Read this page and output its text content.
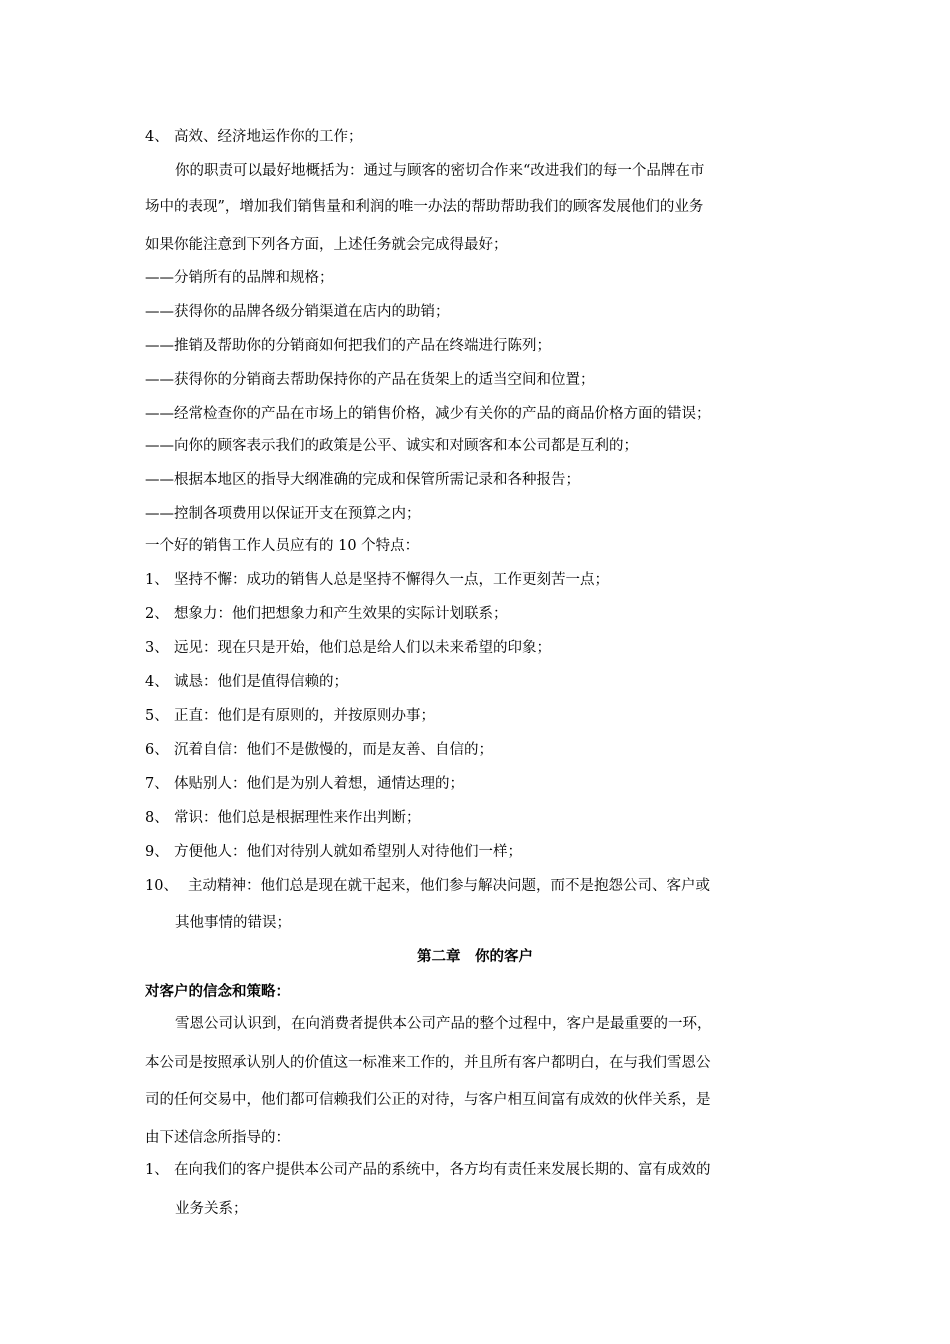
4、 高效、经济地运作你的工作；
你的职责可以最好地概括为：通过与顾客的密切合作来“改进我们的每一个品牌在市
场中的表现”，增加我们销售量和利润的唯一办法的帮助帮助我们的顾客发展他们的业务
如果你能注意到下列各方面，上述任务就会完成得最好；
——分销所有的品牌和规格；
——获得你的品牌各级分销渠道在店内的助销；
——推销及帮助你的分销商如何把我们的产品在终端进行陈列；
——获得你的分销商去帮助保持你的产品在货架上的适当空间和位置；
——经常检查你的产品在市场上的销售价格，减少有关你的产品的商品价格方面的错误；
——向你的顾客表示我们的政策是公平、诚实和对顾客和本公司都是互利的；
——根据本地区的指导大纲准确的完成和保管所需记录和各种报告；
——控制各项费用以保证开支在预算之内；
一个好的销售工作人员应有的 10 个特点：
1、 坚持不懈：成功的销售人总是坚持不懈得久一点，工作更刻苦一点；
2、 想象力：他们把想象力和产生效果的实际计划联系；
3、 远见：现在只是开始，他们总是给人们以未来希望的印象；
4、 诚恳：他们是值得信赖的；
5、 正直：他们是有原则的，并按原则办事；
6、 沉着自信：他们不是傲慢的，而是友善、自信的；
7、 体贴别人：他们是为别人着想，通情达理的；
8、 常识：他们总是根据理性来作出判断；
9、 方便他人：他们对待别人就如希望别人对待他们一样；
10、 主动精神：他们总是现在就干起来，他们参与解决问题，而不是抱怨公司、客户或
其他事情的错误；
第二章　你的客户
对客户的信念和策略：
雪恩公司认识到，在向消费者提供本公司产品的整个过程中，客户是最重要的一环，
本公司是按照承认别人的价值这一标准来工作的，并且所有客户都明白，在与我们雪恩公
司的任何交易中，他们都可信赖我们公正的对待，与客户相互间富有成效的伙伴关系，是
由下述信念所指导的：
1、 在向我们的客户提供本公司产品的系统中，各方均有责任来发展长期的、富有成效的
业务关系；
